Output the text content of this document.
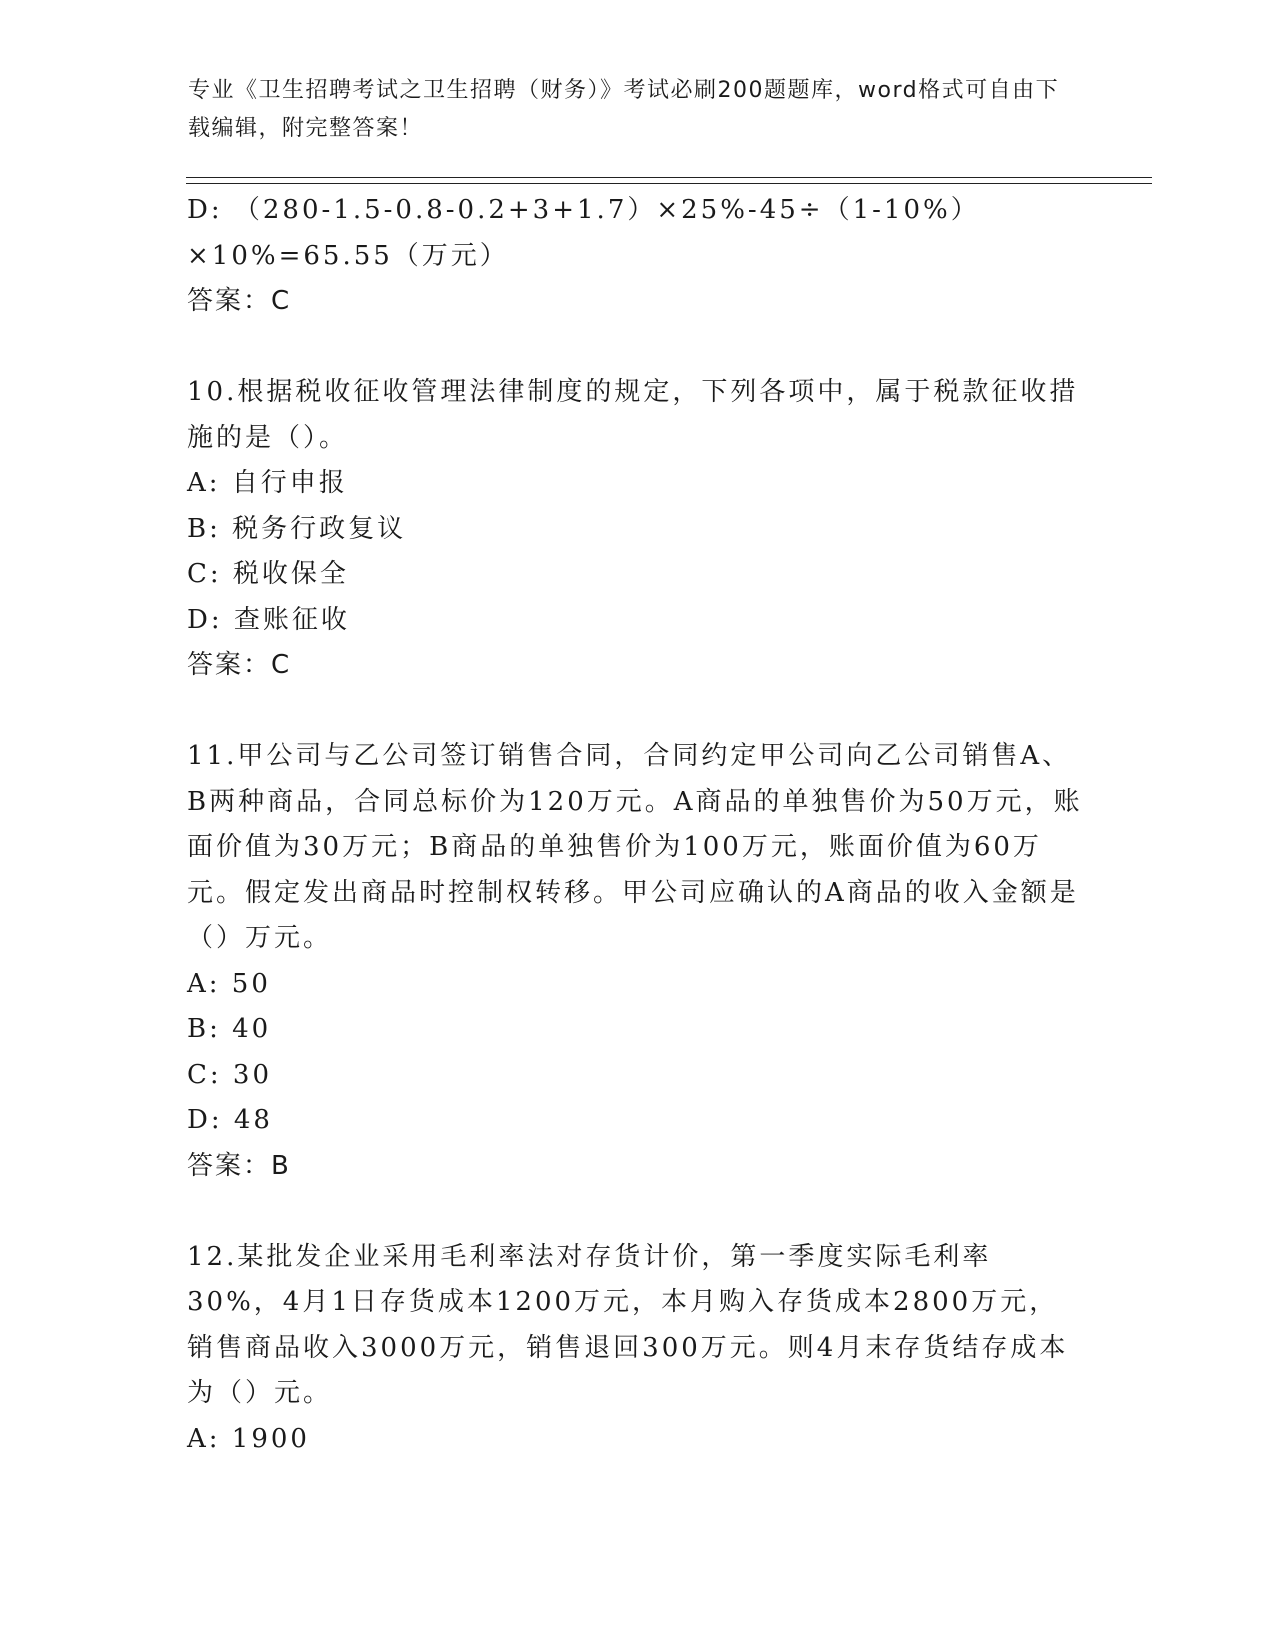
专业《卫生招聘考试之卫生招聘（财务）》考试必刷200题题库，word格式可自由下载编辑，附完整答案！
D: （280-1.5-0.8-0.2+3+1.7）×25%-45÷（1-10%）×10%=65.55（万元）
答案：C
10.根据税收征收管理法律制度的规定，下列各项中，属于税款征收措施的是（）。
A: 自行申报
B: 税务行政复议
C: 税收保全
D: 查账征收
答案：C
11.甲公司与乙公司签订销售合同，合同约定甲公司向乙公司销售A、B两种商品，合同总标价为120万元。A商品的单独售价为50万元，账面价值为30万元；B商品的单独售价为100万元，账面价值为60万元。假定发出商品时控制权转移。甲公司应确认的A商品的收入金额是（）万元。
A: 50
B: 40
C: 30
D: 48
答案：B
12.某批发企业采用毛利率法对存货计价，第一季度实际毛利率30%，4月1日存货成本1200万元，本月购入存货成本2800万元，销售商品收入3000万元，销售退回300万元。则4月末存货结存成本为（）元。
A: 1900
